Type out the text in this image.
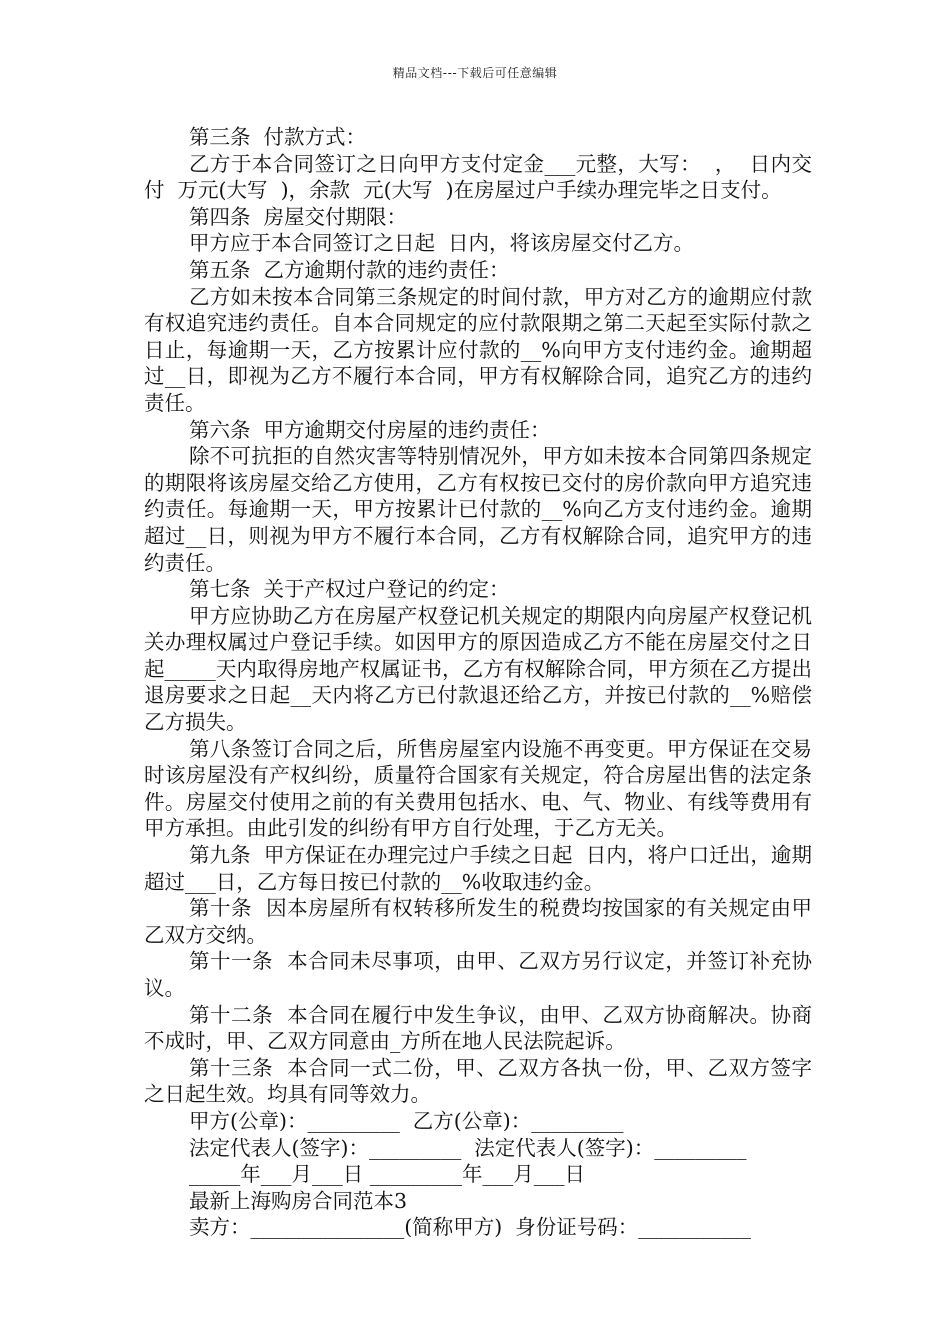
精品文档---下载后可任意编辑

第三条  付款方式：

乙方于本合同签订之日向甲方支付定金___元整，大写：  ，  日内交付  万元(大写  )，余款  元(大写  )在房屋过户手续办理完毕之日支付。

第四条  房屋交付期限：

甲方应于本合同签订之日起  日内，将该房屋交付乙方。

第五条  乙方逾期付款的违约责任：

乙方如未按本合同第三条规定的时间付款，甲方对乙方的逾期应付款有权追究违约责任。自本合同规定的应付款限期之第二天起至实际付款之日止，每逾期一天，乙方按累计应付款的__%向甲方支付违约金。逾期超过__日，即视为乙方不履行本合同，甲方有权解除合同，追究乙方的违约责任。

第六条  甲方逾期交付房屋的违约责任：

除不可抗拒的自然灾害等特别情况外，甲方如未按本合同第四条规定的期限将该房屋交给乙方使用，乙方有权按已交付的房价款向甲方追究违约责任。每逾期一天，甲方按累计已付款的__%向乙方支付违约金。逾期超过__日，则视为甲方不履行本合同，乙方有权解除合同，追究甲方的违约责任。

第七条  关于产权过户登记的约定：

甲方应协助乙方在房屋产权登记机关规定的期限内向房屋产权登记机关办理权属过户登记手续。如因甲方的原因造成乙方不能在房屋交付之日起_____天内取得房地产权属证书，乙方有权解除合同，甲方须在乙方提出退房要求之日起__天内将乙方已付款退还给乙方，并按已付款的__%赔偿乙方损失。

第八条签订合同之后，所售房屋室内设施不再变更。甲方保证在交易时该房屋没有产权纠纷，质量符合国家有关规定，符合房屋出售的法定条件。房屋交付使用之前的有关费用包括水、电、气、物业、有线等费用有甲方承担。由此引发的纠纷有甲方自行处理，于乙方无关。

第九条  甲方保证在办理完过户手续之日起  日内，将户口迁出，逾期超过___日，乙方每日按已付款的__%收取违约金。

第十条  因本房屋所有权转移所发生的税费均按国家的有关规定由甲乙双方交纳。

第十一条  本合同未尽事项，由甲、乙双方另行议定，并签订补充协议。

第十二条  本合同在履行中发生争议，由甲、乙双方协商解决。协商不成时，甲、乙双方同意由_方所在地人民法院起诉。

第十三条  本合同一式二份，甲、乙双方各执一份，甲、乙双方签字之日起生效。均具有同等效力。

甲方(公章)：_________  乙方(公章)：_________

法定代表人(签字)：_________  法定代表人(签字)：_________

_____年___月___日 _________年___月___日

最新上海购房合同范本3

卖方：_______________(简称甲方)  身份证号码：___________
